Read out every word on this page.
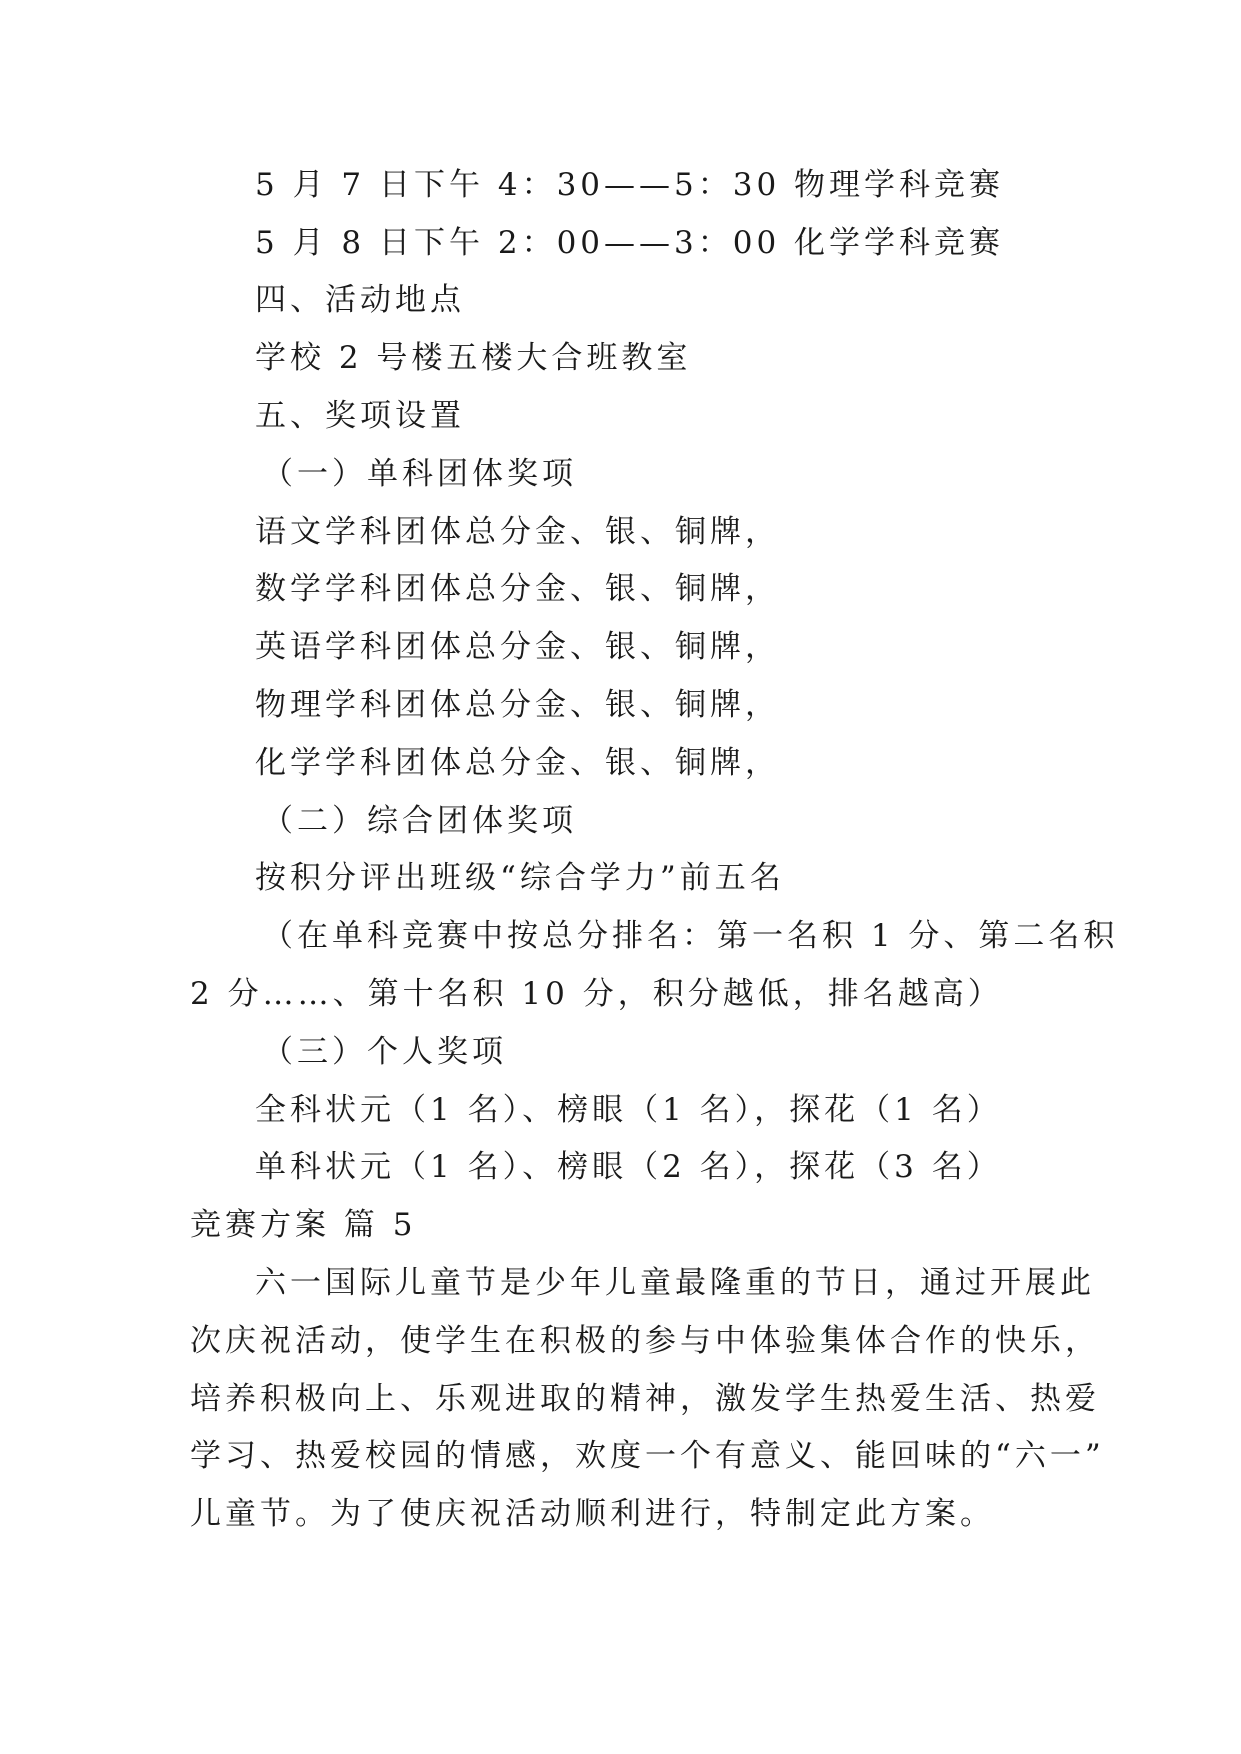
5 月 7 日下午 4：30——5：30 物理学科竞赛
5 月 8 日下午 2：00——3：00 化学学科竞赛
四、活动地点
学校 2 号楼五楼大合班教室
五、奖项设置
（一）单科团体奖项
语文学科团体总分金、银、铜牌，
数学学科团体总分金、银、铜牌，
英语学科团体总分金、银、铜牌，
物理学科团体总分金、银、铜牌，
化学学科团体总分金、银、铜牌，
（二）综合团体奖项
按积分评出班级“综合学力”前五名
（在单科竞赛中按总分排名：第一名积 1 分、第二名积
2 分……、第十名积 10 分，积分越低，排名越高）
（三）个人奖项
全科状元（1 名）、榜眼（1 名），探花（1 名）
单科状元（1 名）、榜眼（2 名），探花（3 名）
竞赛方案 篇 5
六一国际儿童节是少年儿童最隆重的节日，通过开展此
次庆祝活动，使学生在积极的参与中体验集体合作的快乐，
培养积极向上、乐观进取的精神，激发学生热爱生活、热爱
学习、热爱校园的情感，欢度一个有意义、能回味的“六一”
儿童节。为了使庆祝活动顺利进行，特制定此方案。
